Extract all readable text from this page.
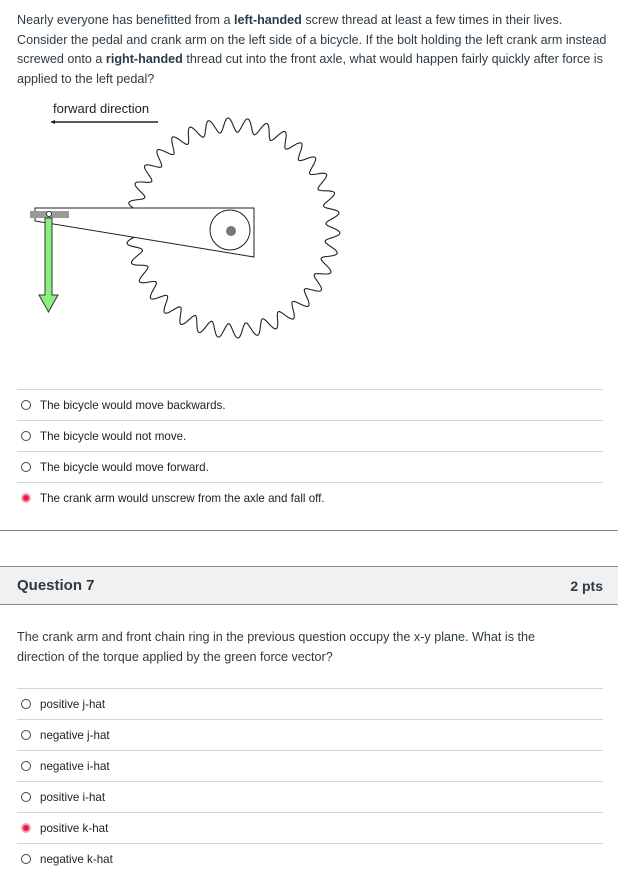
Nearly everyone has benefitted from a left-handed screw thread at least a few times in their lives. Consider the pedal and crank arm on the left side of a bicycle. If the bolt holding the left crank arm instead screwed onto a right-handed thread cut into the front axle, what would happen fairly quickly after force is applied to the left pedal?
forward direction
The bicycle would move backwards.
The bicycle would not move.
The bicycle would move forward.
The crank arm would unscrew from the axle and fall off.
Question 7	2 pts
The crank arm and front chain ring in the previous question occupy the x-y plane. What is the direction of the torque applied by the green force vector?
positive j-hat
negative j-hat
negative i-hat
positive i-hat
positive k-hat
negative k-hat
